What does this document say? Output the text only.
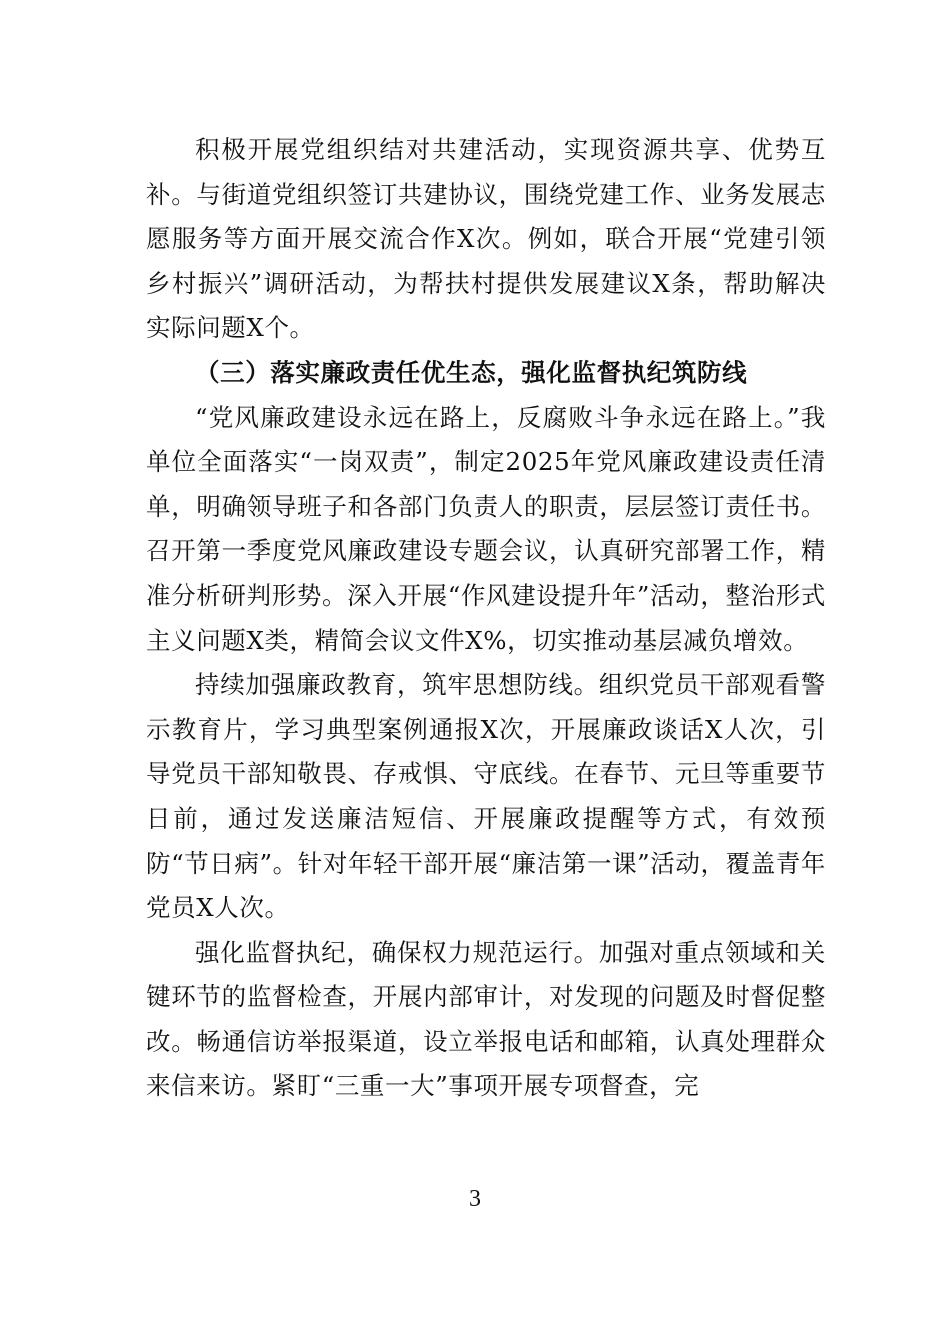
积极开展党组织结对共建活动，实现资源共享、优势互补。与街道党组织签订共建协议，围绕党建工作、业务发展志愿服务等方面开展交流合作X次。例如，联合开展“党建引领乡村振兴”调研活动，为帮扶村提供发展建议X条，帮助解决实际问题X个。

（三）落实廉政责任优生态，强化监督执纪筑防线

“党风廉政建设永远在路上，反腐败斗争永远在路上。”我单位全面落实“一岗双责”，制定2025年党风廉政建设责任清单，明确领导班子和各部门负责人的职责，层层签订责任书。召开第一季度党风廉政建设专题会议，认真研究部署工作，精准分析研判形势。深入开展“作风建设提升年”活动，整治形式主义问题X类，精简会议文件X%，切实推动基层减负增效。

持续加强廉政教育，筑牢思想防线。组织党员干部观看警示教育片，学习典型案例通报X次，开展廉政谈话X人次，引导党员干部知敬畏、存戒惧、守底线。在春节、元旦等重要节日前，通过发送廉洁短信、开展廉政提醒等方式，有效预防“节日病”。针对年轻干部开展“廉洁第一课”活动，覆盖青年党员X人次。

强化监督执纪，确保权力规范运行。加强对重点领域和关键环节的监督检查，开展内部审计，对发现的问题及时督促整改。畅通信访举报渠道，设立举报电话和邮箱，认真处理群众来信来访。紧盯“三重一大”事项开展专项督查，完

3
